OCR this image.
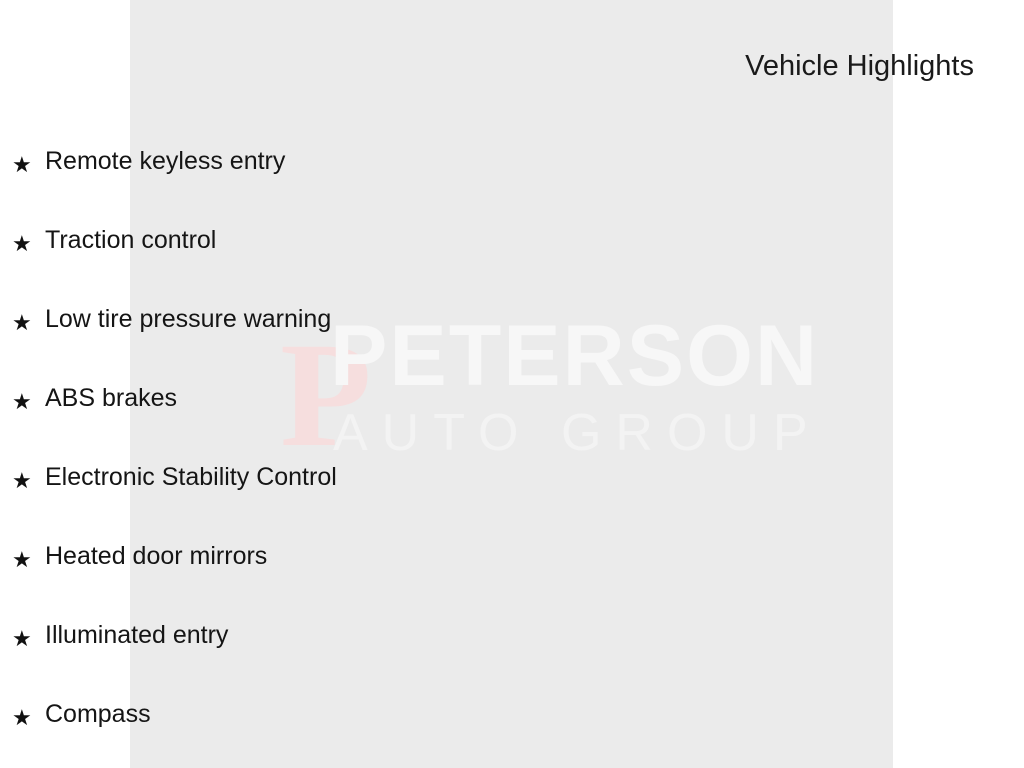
P
PETERSON
AUTO GROUP
Vehicle Highlights
★ Remote keyless entry
★ Traction control
★ Low tire pressure warning
★ ABS brakes
★ Electronic Stability Control
★ Heated door mirrors
★ Illuminated entry
★ Compass
